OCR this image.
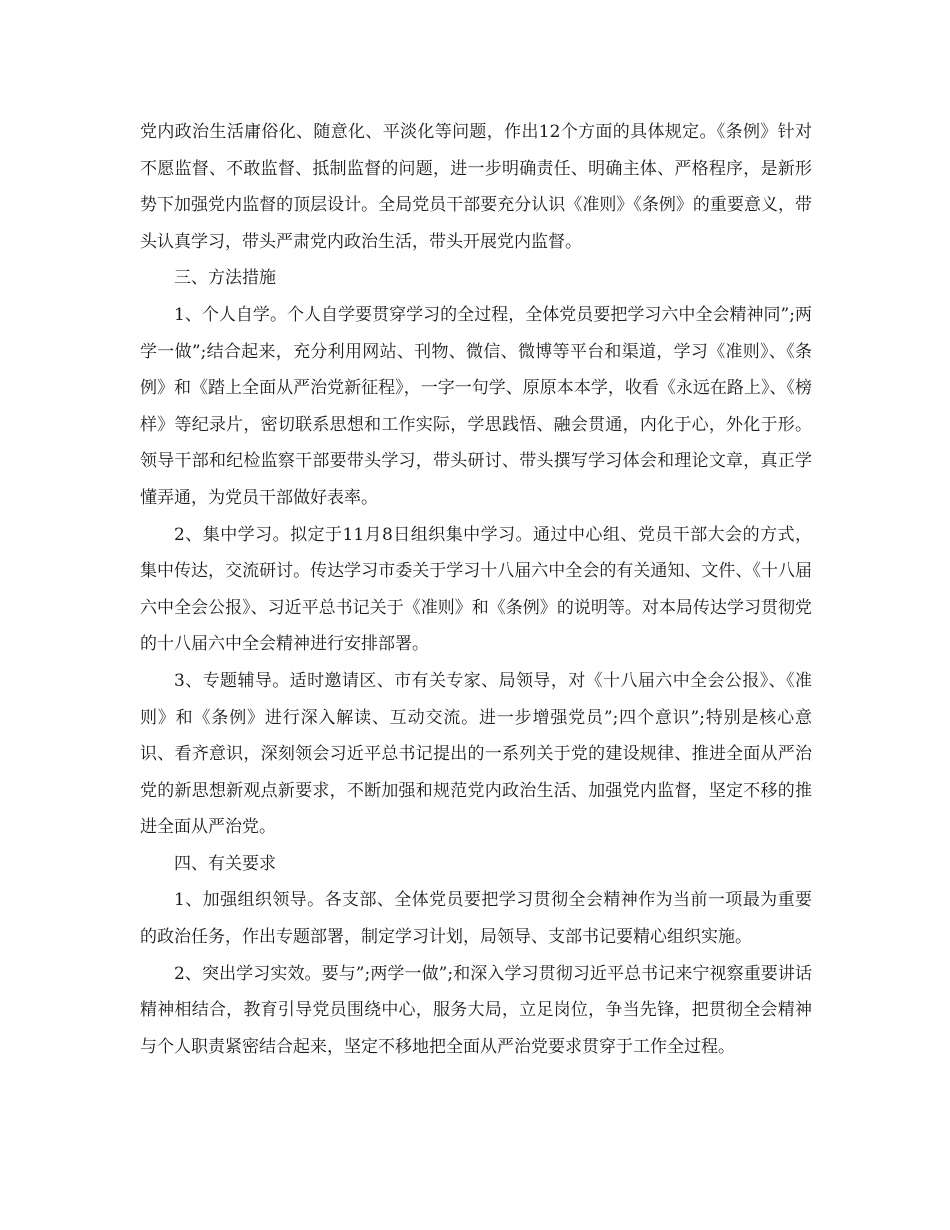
党内政治生活庸俗化、随意化、平淡化等问题，作出12个方面的具体规定。《条例》针对不愿监督、不敢监督、抵制监督的问题，进一步明确责任、明确主体、严格程序，是新形势下加强党内监督的顶层设计。全局党员干部要充分认识《准则》《条例》的重要意义，带头认真学习，带头严肃党内政治生活，带头开展党内监督。

三、方法措施

1、个人自学。个人自学要贯穿学习的全过程，全体党员要把学习六中全会精神同”;两学一做”;结合起来，充分利用网站、刊物、微信、微博等平台和渠道，学习《准则》、《条例》和《踏上全面从严治党新征程》，一字一句学、原原本本学，收看《永远在路上》、《榜样》等纪录片，密切联系思想和工作实际，学思践悟、融会贯通，内化于心，外化于形。领导干部和纪检监察干部要带头学习，带头研讨、带头撰写学习体会和理论文章，真正学懂弄通，为党员干部做好表率。

2、集中学习。拟定于11月8日组织集中学习。通过中心组、党员干部大会的方式，集中传达，交流研讨。传达学习市委关于学习十八届六中全会的有关通知、文件、《十八届六中全会公报》、习近平总书记关于《准则》和《条例》的说明等。对本局传达学习贯彻党的十八届六中全会精神进行安排部署。

3、专题辅导。适时邀请区、市有关专家、局领导，对《十八届六中全会公报》、《准则》和《条例》进行深入解读、互动交流。进一步增强党员”;四个意识”;特别是核心意识、看齐意识，深刻领会习近平总书记提出的一系列关于党的建设规律、推进全面从严治党的新思想新观点新要求，不断加强和规范党内政治生活、加强党内监督，坚定不移的推进全面从严治党。

四、有关要求

1、加强组织领导。各支部、全体党员要把学习贯彻全会精神作为当前一项最为重要的政治任务，作出专题部署，制定学习计划，局领导、支部书记要精心组织实施。

2、突出学习实效。要与”;两学一做”;和深入学习贯彻习近平总书记来宁视察重要讲话精神相结合，教育引导党员围绕中心，服务大局，立足岗位，争当先锋，把贯彻全会精神与个人职责紧密结合起来，坚定不移地把全面从严治党要求贯穿于工作全过程。
